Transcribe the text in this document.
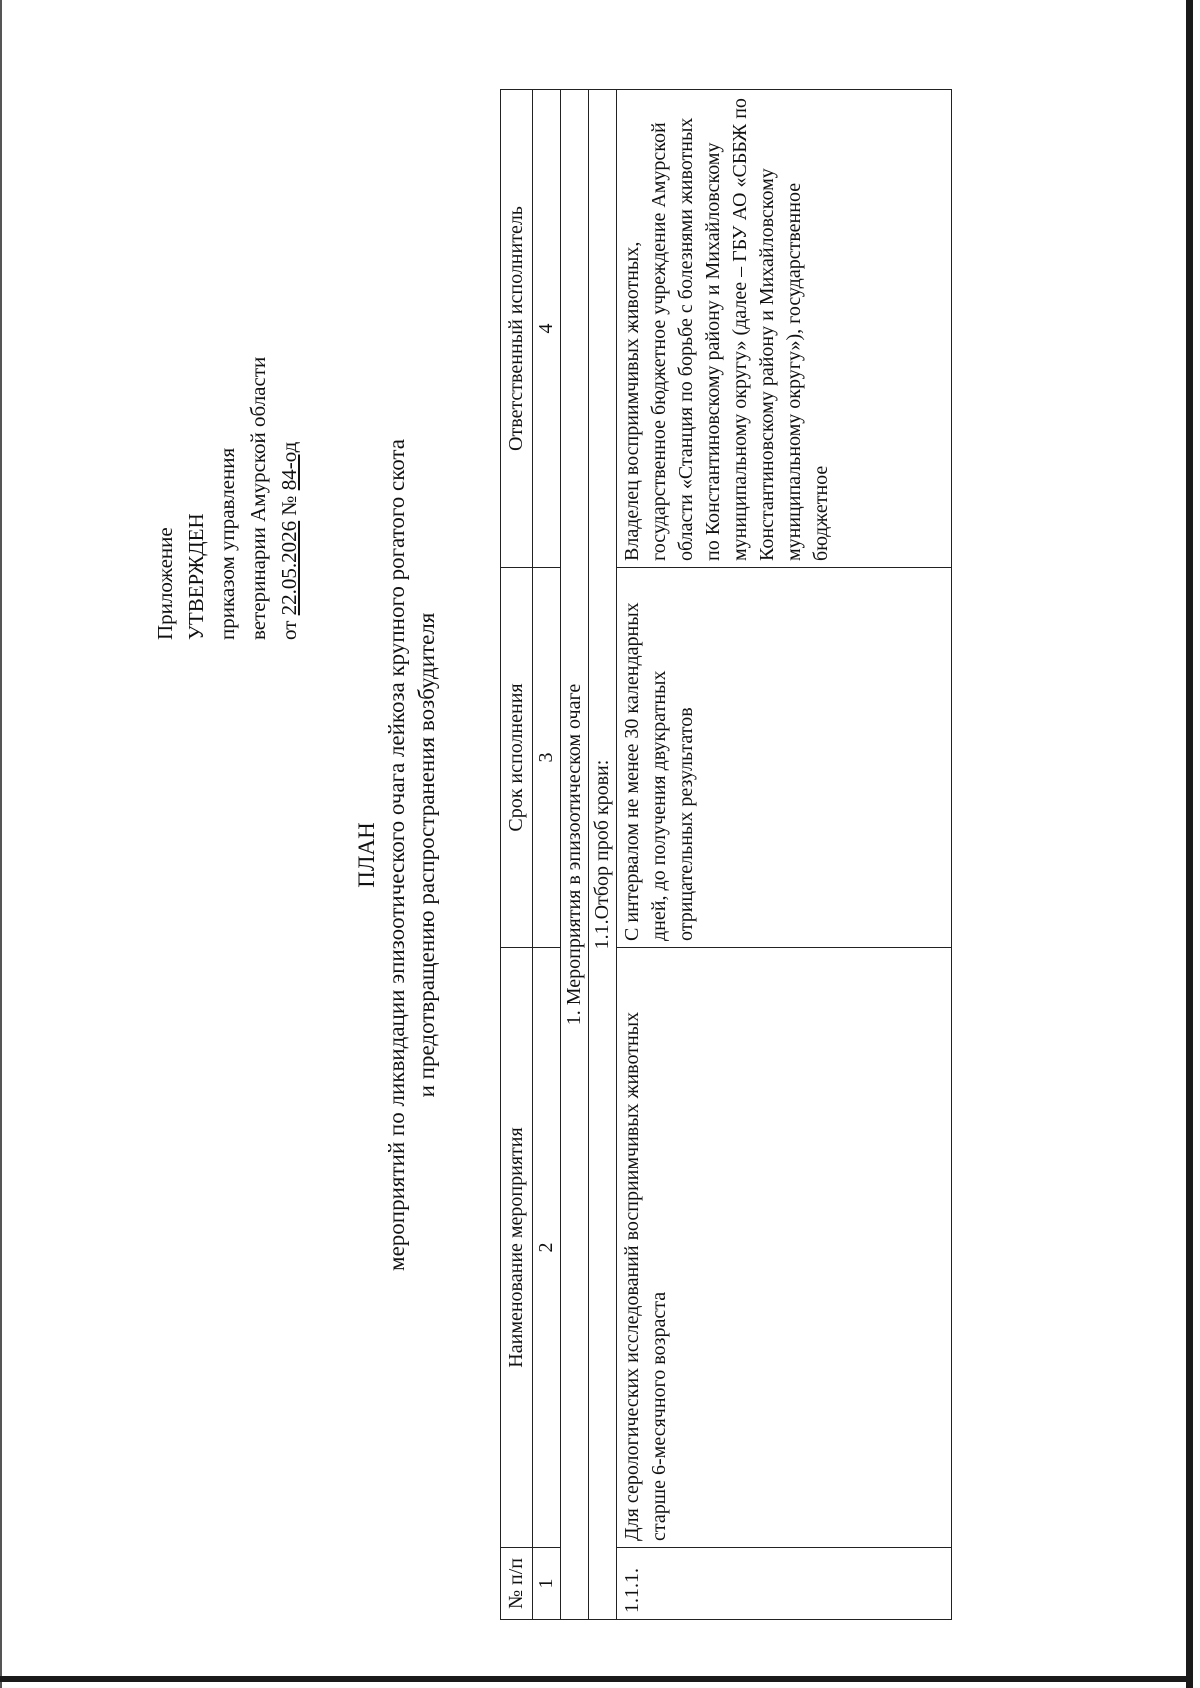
Приложение УТВЕРЖДЕН приказом управления ветеринарии Амурской области от 22.05.2026 № 84-од
ПЛАН мероприятий по ликвидации эпизоотического очага лейкоза крупного рогатого скота и предотвращению распространения возбудителя
№ п/п	Наименование мероприятия	Срок исполнения	Ответственный исполнитель
1	2	3	4
1. Мероприятия в эпизоотическом очаге			
1.1.Отбор проб крови:			
1.1.1.	Для серологических исследований восприимчивых животных старше 6-месячного возраста	С интервалом не менее 30 календарных дней, до получения двукратных отрицательных результатов	Владелец восприимчивых животных, государственное бюджетное учреждение Амурской области «Станция по борьбе с болезнями животных по Константиновскому району и Михайловскому муниципальному округу» (далее – ГБУ АО «СББЖ по Константиновскому району и Михайловскому муниципальному округу»), государственное бюджетное
